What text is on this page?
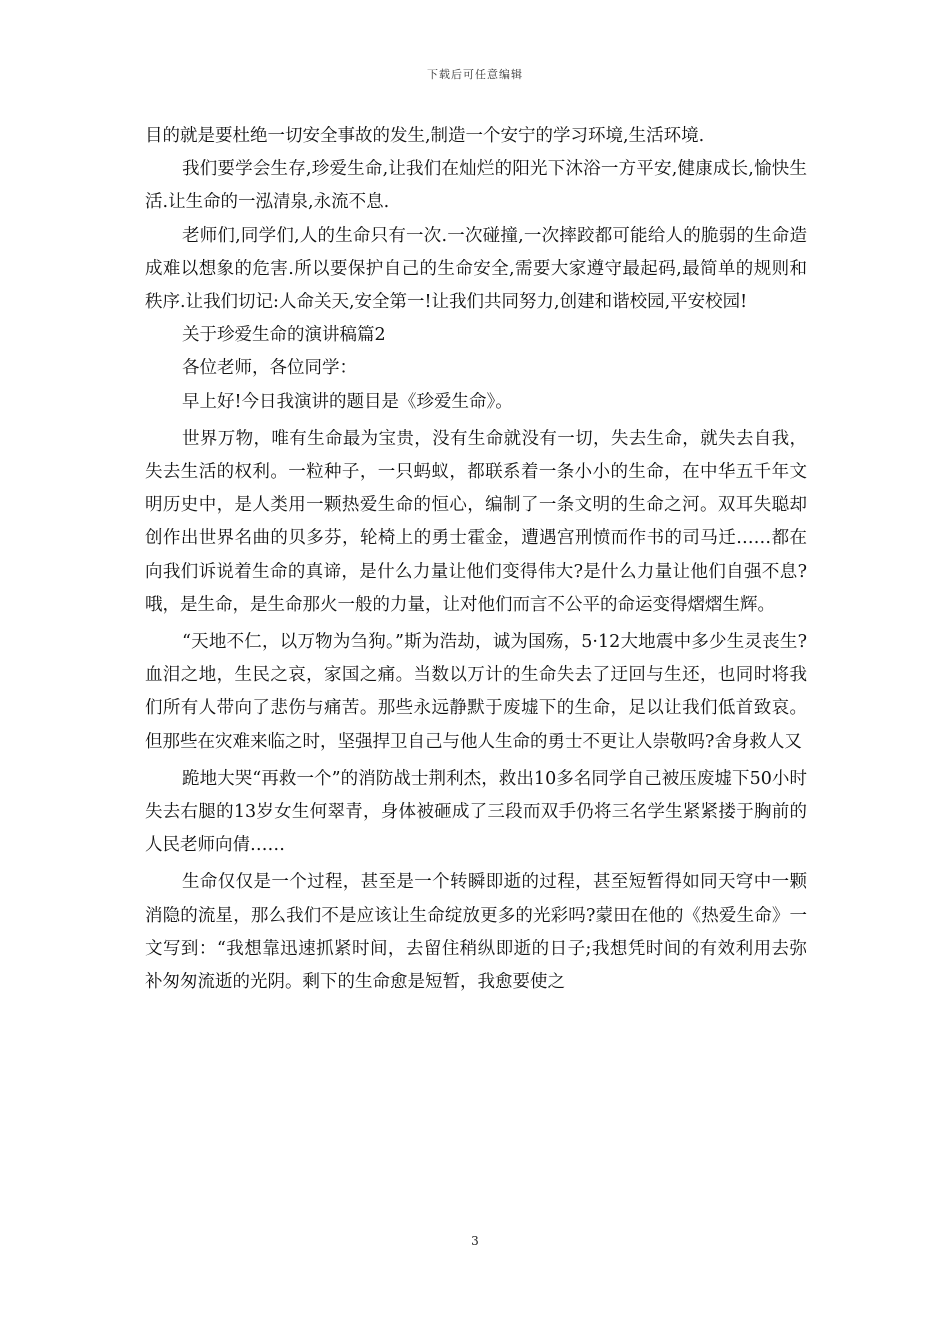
下载后可任意编辑

目的就是要杜绝一切安全事故的发生,制造一个安宁的学习环境,生活环境.

我们要学会生存,珍爱生命,让我们在灿烂的阳光下沐浴一方平安,健康成长,愉快生活.让生命的一泓清泉,永流不息.

老师们,同学们,人的生命只有一次.一次碰撞,一次摔跤都可能给人的脆弱的生命造成难以想象的危害.所以要保护自己的生命安全,需要大家遵守最起码,最简单的规则和秩序.让我们切记:人命关天,安全第一!让我们共同努力,创建和谐校园,平安校园!

关于珍爱生命的演讲稿篇2

各位老师，各位同学：

早上好!今日我演讲的题目是《珍爱生命》。

世界万物，唯有生命最为宝贵，没有生命就没有一切，失去生命，就失去自我，失去生活的权利。一粒种子，一只蚂蚁，都联系着一条小小的生命，在中华五千年文明历史中，是人类用一颗热爱生命的恒心，编制了一条文明的生命之河。双耳失聪却创作出世界名曲的贝多芬，轮椅上的勇士霍金，遭遇宫刑愤而作书的司马迁……都在向我们诉说着生命的真谛，是什么力量让他们变得伟大?是什么力量让他们自强不息?哦，是生命，是生命那火一般的力量，让对他们而言不公平的命运变得熠熠生辉。

“天地不仁，以万物为刍狗。”斯为浩劫，诚为国殇，5·12大地震中多少生灵丧生?血泪之地，生民之哀，家国之痛。当数以万计的生命失去了迂回与生还，也同时将我们所有人带向了悲伤与痛苦。那些永远静默于废墟下的生命，足以让我们低首致哀。但那些在灾难来临之时，坚强捍卫自己与他人生命的勇士不更让人崇敬吗?舍身救人又

跪地大哭“再救一个”的消防战士荆利杰，救出10多名同学自己被压废墟下50小时失去右腿的13岁女生何翠青，身体被砸成了三段而双手仍将三名学生紧紧搂于胸前的人民老师向倩……

生命仅仅是一个过程，甚至是一个转瞬即逝的过程，甚至短暂得如同天穹中一颗消隐的流星，那么我们不是应该让生命绽放更多的光彩吗?蒙田在他的《热爱生命》一文写到：“我想靠迅速抓紧时间，去留住稍纵即逝的日子;我想凭时间的有效利用去弥补匆匆流逝的光阴。剩下的生命愈是短暂，我愈要使之

3
